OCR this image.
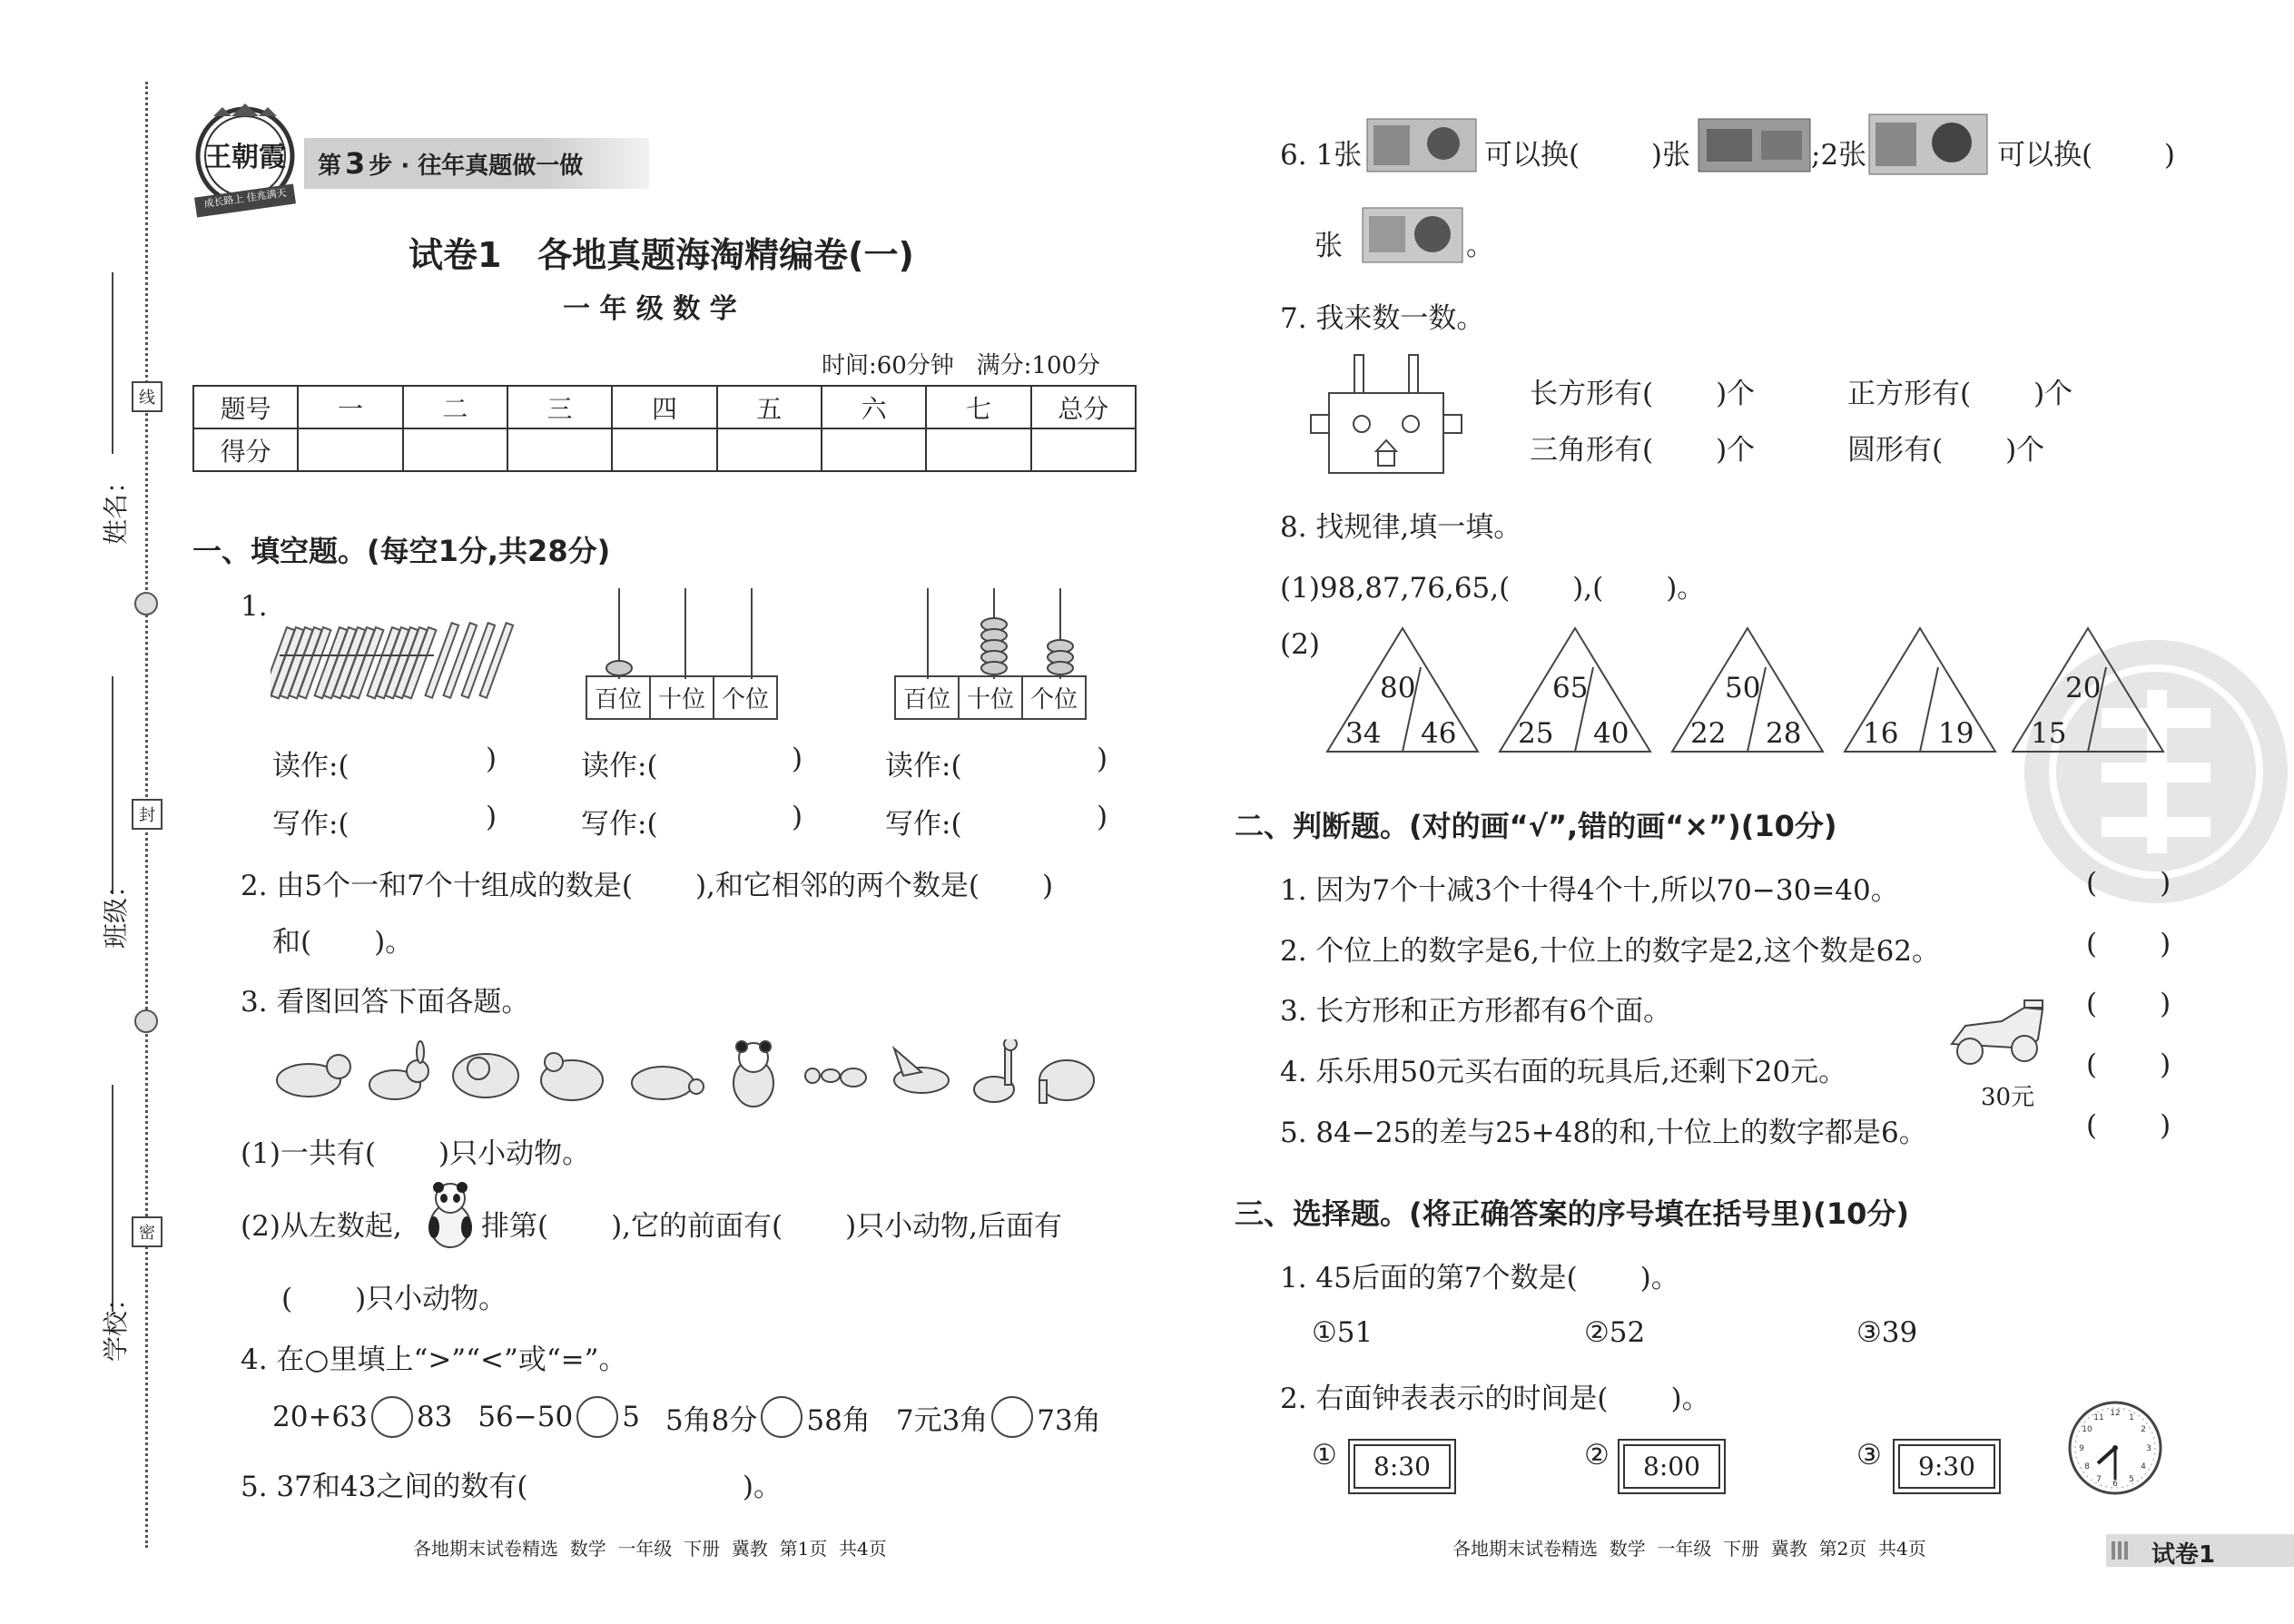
线
封
密
姓名：
班级：
学校：
王朝霞
成长路上 佳兆满天
第 3 步 · 往年真题做一做
试卷1   各地真题海淘精编卷(一)
一 年 级 数 学
时间:60分钟   满分:100分
题号	一	二	三	四	五	六	七	总分
得分								
一、填空题。(每空1分,共28分)
1.
百位 十位 个位	百位 十位 个位
读作:(	)	读作:(	)	读作:(	)
写作:(	)	写作:(	)	写作:(	)
2. 由5个一和7个十组成的数是(       ),和它相邻的两个数是(       )
和(       )。
3. 看图回答下面各题。
(1)一共有(       )只小动物。
(2)从左数起,	排第(       ),它的前面有(       )只小动物,后面有
(       )只小动物。
4. 在○里填上“>”“<”或“=”。
20+63 83 56−50 5 5角8分 58角 7元3角 73角
5. 37和43之间的数有(                        )。
各地期末试卷精选  数学  一年级  下册  冀教  第1页  共4页
6. 1张	可以换(        )张	;2张	可以换(        )
张	。
7. 我来数一数。
长方形有(       )个	正方形有(       )个
三角形有(       )个	圆形有(       )个
8. 找规律,填一填。
(1)98,87,76,65,(       ),(       )。
(2)
80
34 46
65
25 40
50
22 28 16 19
20
15
二、判断题。(对的画“√”,错的画“×”)(10分)
1. 因为7个十减3个十得4个十,所以70−30=40。	(       )
2. 个位上的数字是6,十位上的数字是2,这个数是62。	(       )
3. 长方形和正方形都有6个面。	(       )
4. 乐乐用50元买右面的玩具后,还剩下20元。
30元
(       )
5. 84−25的差与25+48的和,十位上的数字都是6。	(       )
三、选择题。(将正确答案的序号填在括号里)(10分)
1. 45后面的第7个数是(       )。
①51	②52	③39
2. 右面钟表表示的时间是(       )。
①	8:30	②	8:00	③	9:30
12 1
2
3
4
5
6
7
8
9
10
11
各地期末试卷精选  数学  一年级  下册  冀教  第2页  共4页	试卷1
